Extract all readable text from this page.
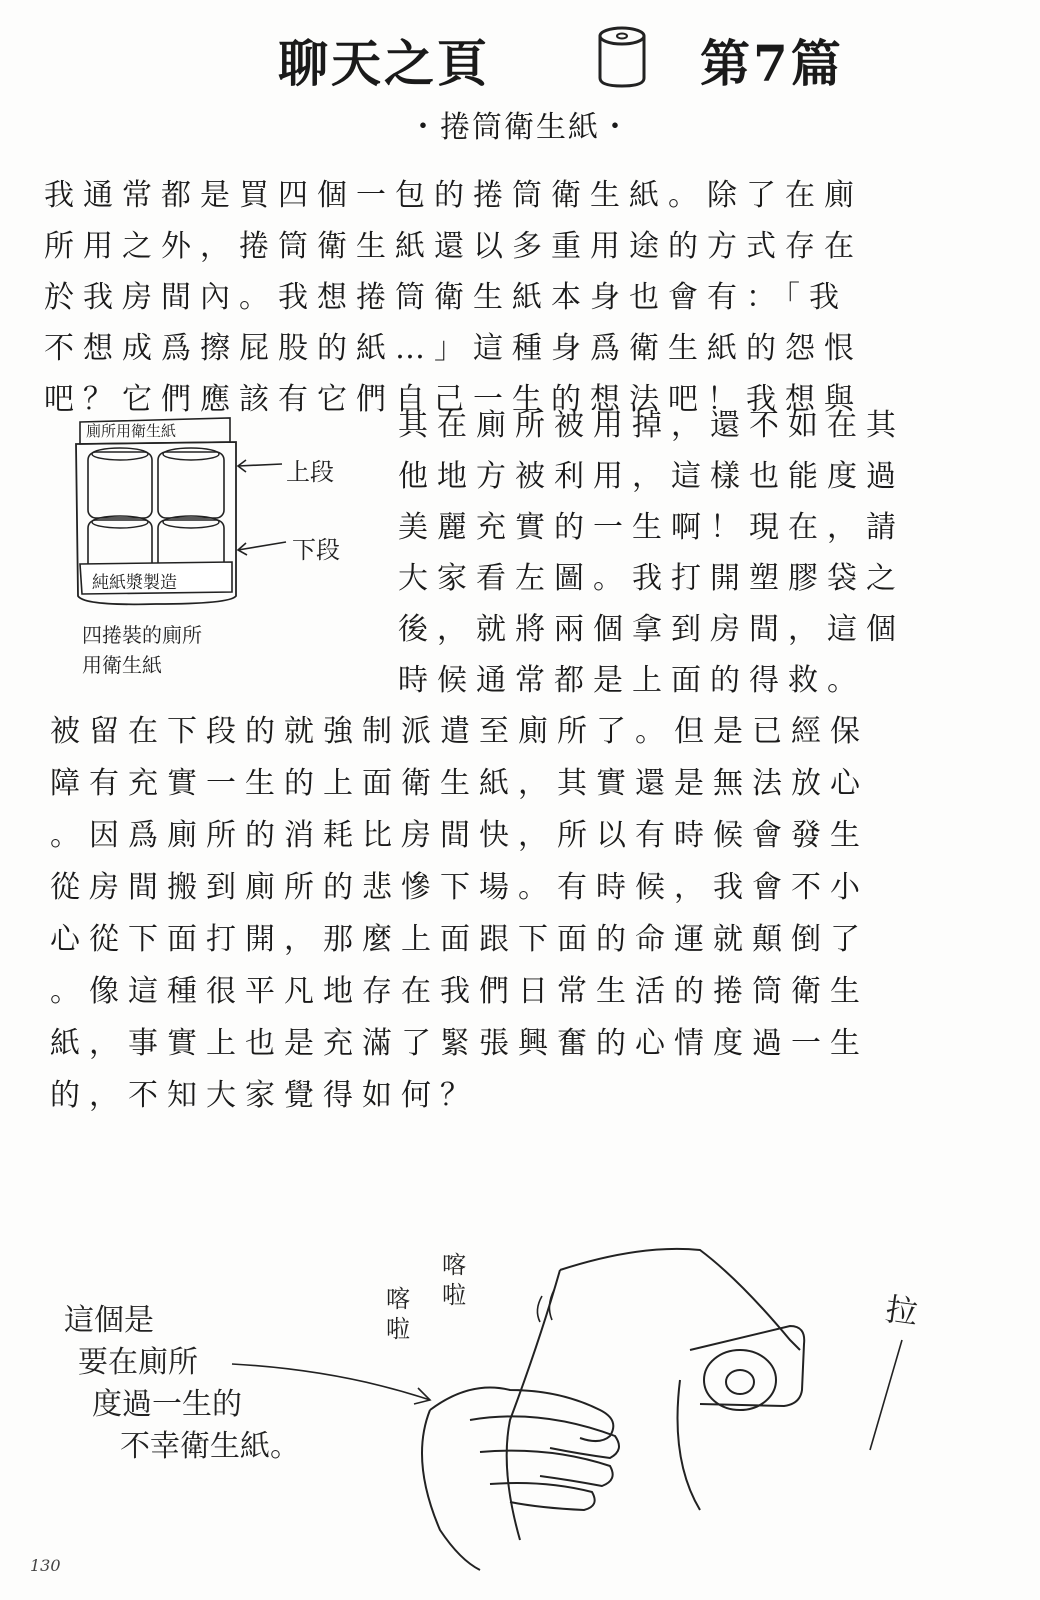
聊天之頁	第7篇
・捲筒衛生紙・

我通常都是買四個一包的捲筒衛生紙。除了在廁

所用之外，捲筒衛生紙還以多重用途的方式存在

於我房間內。我想捲筒衛生紙本身也會有：「我

不想成爲擦屁股的紙…」這種身爲衛生紙的怨恨

吧？它們應該有它們自己一生的想法吧！我想與

廁所用衛生紙
純紙漿製造
上段
下段
四捲裝的廁所
用衛生紙

其在廁所被用掉，還不如在其

他地方被利用，這樣也能度過

美麗充實的一生啊！現在，請

大家看左圖。我打開塑膠袋之

後，就將兩個拿到房間，這個

時候通常都是上面的得救。

被留在下段的就強制派遣至廁所了。但是已經保

障有充實一生的上面衛生紙，其實還是無法放心

。因爲廁所的消耗比房間快，所以有時候會發生

從房間搬到廁所的悲慘下場。有時候，我會不小

心從下面打開，那麼上面跟下面的命運就顛倒了

。像這種很平凡地存在我們日常生活的捲筒衛生

紙，事實上也是充滿了緊張興奮的心情度過一生

的，不知大家覺得如何？

這個是
要在廁所
度過一生的
不幸衛生紙。
喀啦
喀啦	拉
130
